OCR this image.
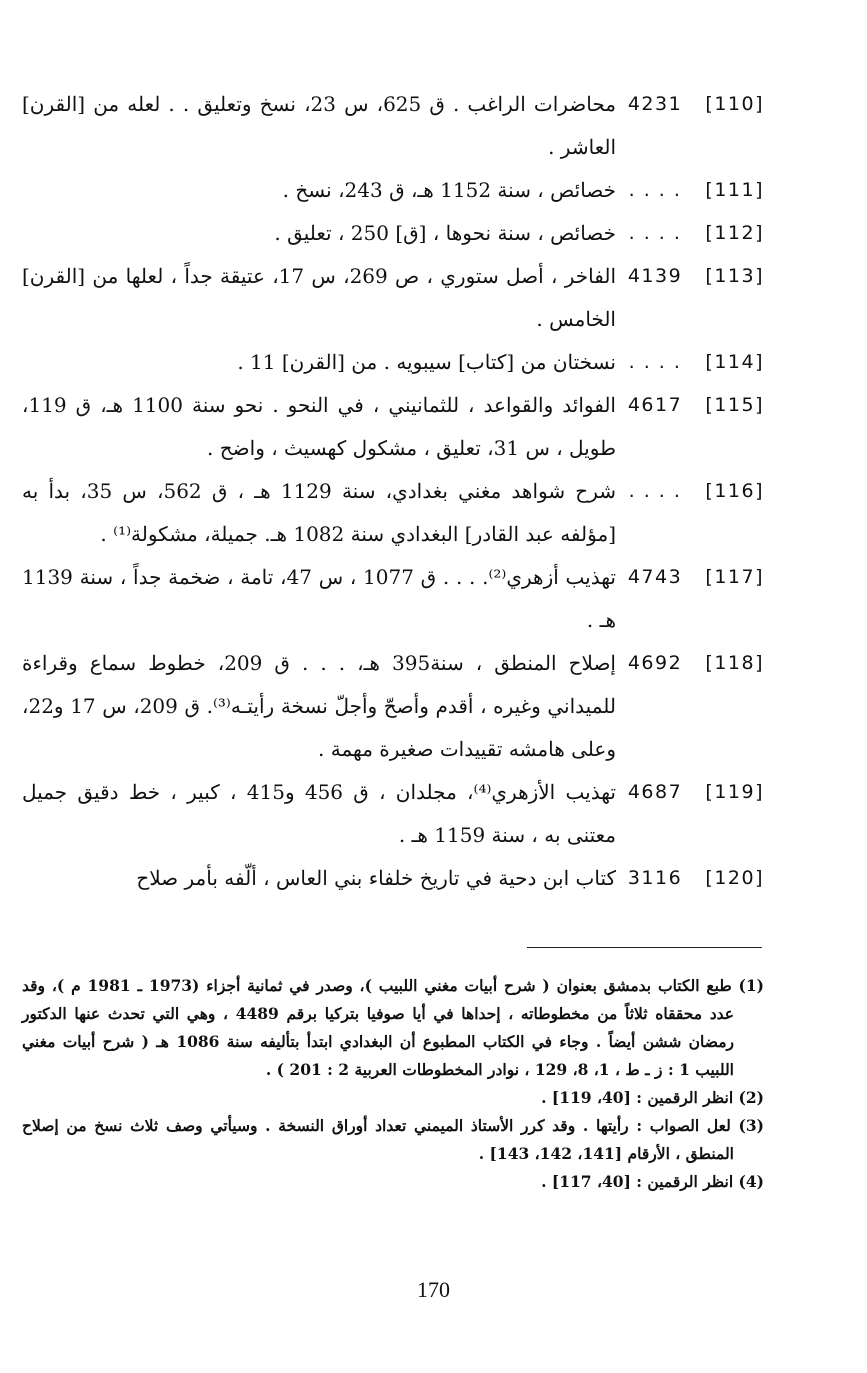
[110]
4231
محاضرات الراغب . ق 625، س 23، نسخ وتعليق . . لعله من [القرن] العاشر .
[111]
. . . .
خصائص ، سنة 1152 هـ، ق 243، نسخ .
[112]
. . . .
خصائص ، سنة نحوها ، [ق] 250 ، تعليق .
[113]
4139
الفاخر ، أصل ستوري ، ص 269، س 17، عتيقة جداً ، لعلها من [القرن] الخامس .
[114]
. . . .
نسختان من [كتاب] سيبويه . من [القرن] 11 .
[115]
4617
الفوائد والقواعد ، للثمانيني ، في النحو . نحو سنة 1100 هـ، ق 119، طويل ، س 31، تعليق ، مشكول كهسيث ، واضح .
[116]
. . . .
شرح شواهد مغني بغدادي، سنة 1129 هـ ، ق 562، س 35، بدأ به [مؤلفه عبد القادر] البغدادي سنة 1082 هـ. جميلة، مشكولة⁽¹⁾ .
[117]
4743
تهذيب أزهري⁽²⁾. . . . ق 1077 ، س 47، تامة ، ضخمة جداً ، سنة 1139 هـ .
[118]
4692
إصلاح المنطق ، سنة395 هـ، . . . ق 209، خطوط سماع وقراءة للميداني وغيره ، أقدم وأصحّ وأجلّ نسخة رأيتـه⁽³⁾. ق 209، س 17 و22، وعلى هامشه تقييدات صغيرة مهمة .
[119]
4687
تهذيب الأزهري⁽⁴⁾، مجلدان ، ق 456 و415 ، كبير ، خط دقيق جميل معتنى به ، سنة 1159 هـ .
[120]
3116
كتاب ابن دحية في تاريخ خلفاء بني العاس ، ألّفه بأمر صلاح
(1) طبع الكتاب بدمشق بعنوان ( شرح أبيات مغني اللبيب )، وصدر في ثمانية أجزاء (1973 ـ 1981 م )، وقد عدد محققاه ثلاثاً من مخطوطاته ، إحداها في أيا صوفيا بتركيا برقم 4489 ، وهي التي تحدث عنها الدكتور رمضان ششن أيضاً . وجاء في الكتاب المطبوع أن البغدادي ابتدأ بتأليفه سنة 1086 هـ ( شرح أبيات مغني اللبيب 1 : ز ـ ط ، 1، 8، 129 ، نوادر المخطوطات العربية 2 : 201 ) .
(2) انظر الرقمين : [40، 119] .
(3) لعل الصواب : رأيتها . وقد كرر الأستاذ الميمني تعداد أوراق النسخة . وسيأتي وصف ثلاث نسخ من إصلاح المنطق ، الأرقام [141، 142، 143] .
(4) انظر الرقمين : [40، 117] .
170
